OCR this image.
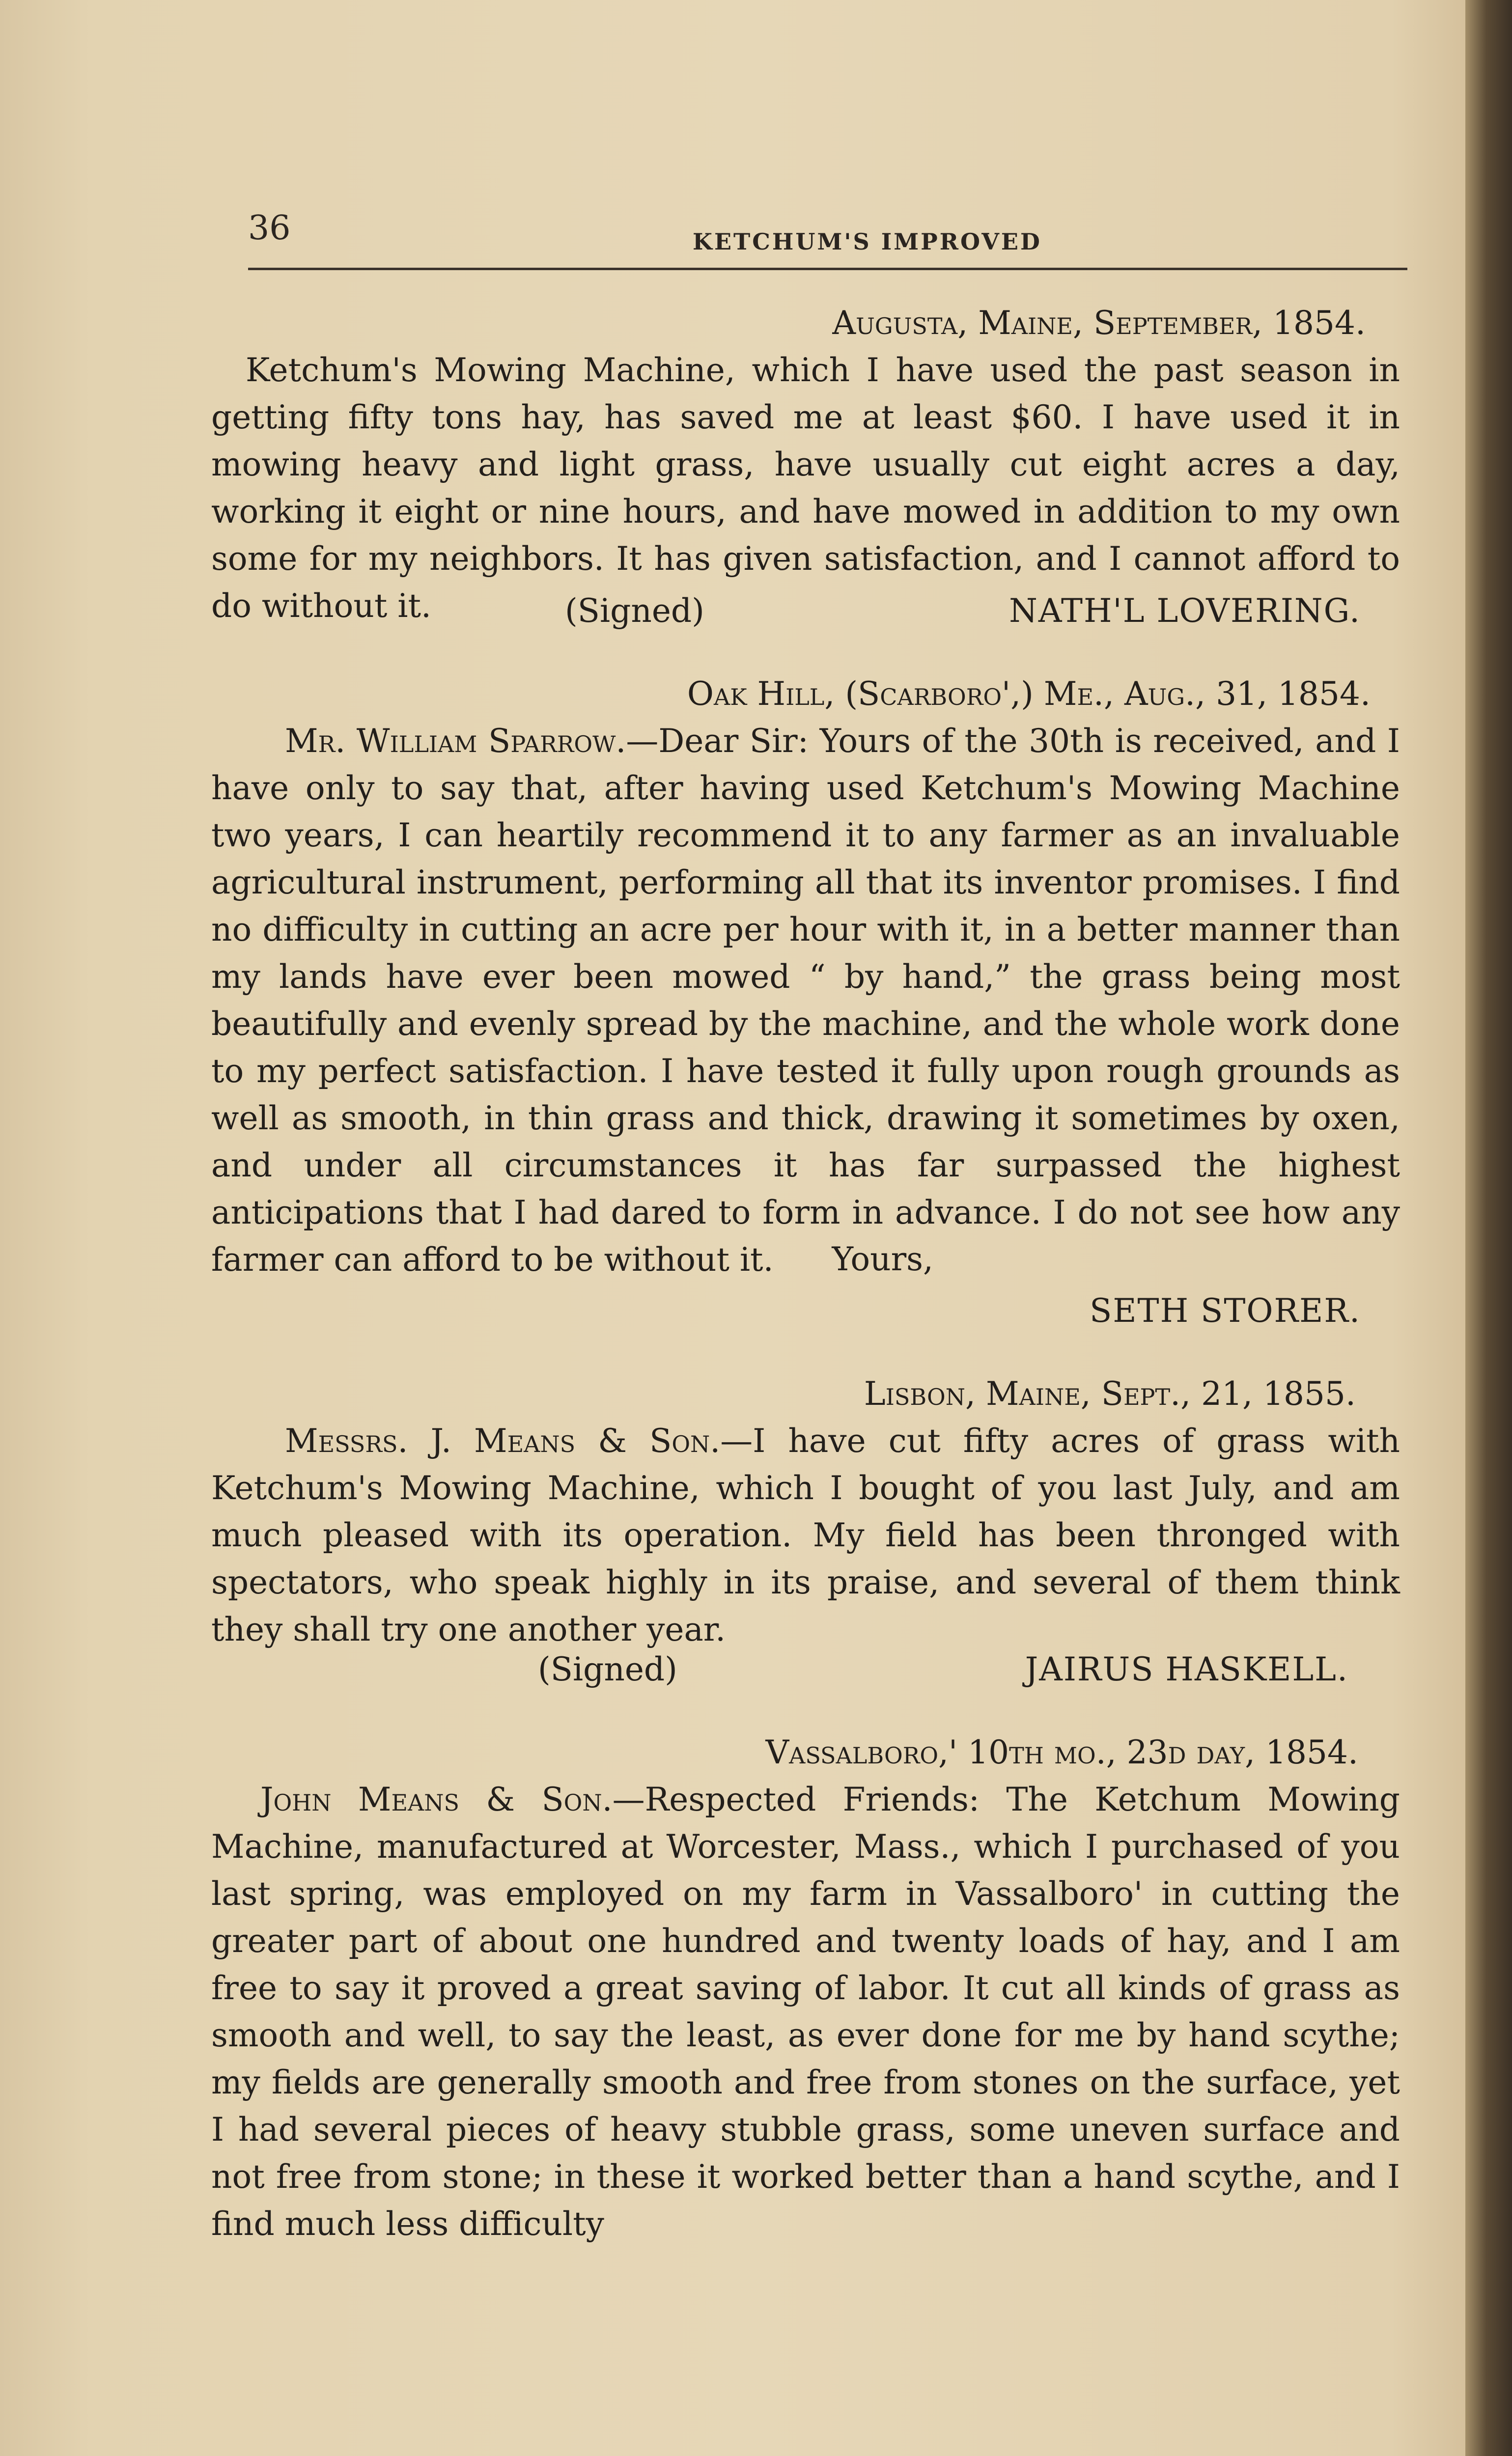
36	KETCHUM'S IMPROVED
Augusta, Maine, September, 1854.
Ketchum's Mowing Machine, which I have used the past season in getting fifty tons hay, has saved me at least $60. I have used it in mowing heavy and light grass, have usually cut eight acres a day, working it eight or nine hours, and have mowed in addition to my own some for my neighbors. It has given satisfaction, and I cannot afford to do without it.	(Signed)	NATH'L LOVERING.
Oak Hill, (Scarboro',) Me., Aug., 31, 1854.
Mr. William Sparrow.—Dear Sir: Yours of the 30th is received, and I have only to say that, after having used Ketchum's Mowing Machine two years, I can heartily recommend it to any farmer as an invaluable agricultural instrument, performing all that its inventor promises. I find no difficulty in cutting an acre per hour with it, in a better manner than my lands have ever been mowed “ by hand,” the grass being most beautifully and evenly spread by the machine, and the whole work done to my perfect satisfaction. I have tested it fully upon rough grounds as well as smooth, in thin grass and thick, drawing it sometimes by oxen, and under all circumstances it has far surpassed the highest anticipations that I had dared to form in advance. I do not see how any farmer can afford to be without it.	Yours,
SETH STORER.
Lisbon, Maine, Sept., 21, 1855.
Messrs. J. Means & Son.—I have cut fifty acres of grass with Ketchum's Mowing Machine, which I bought of you last July, and am much pleased with its operation. My field has been thronged with spectators, who speak highly in its praise, and several of them think they shall try one another year.
(Signed)	JAIRUS HASKELL.
Vassalboro,' 10th mo., 23d day, 1854.
John Means & Son.—Respected Friends: The Ketchum Mowing Machine, manufactured at Worcester, Mass., which I purchased of you last spring, was employed on my farm in Vassalboro' in cutting the greater part of about one hundred and twenty loads of hay, and I am free to say it proved a great saving of labor. It cut all kinds of grass as smooth and well, to say the least, as ever done for me by hand scythe; my fields are generally smooth and free from stones on the surface, yet I had several pieces of heavy stubble grass, some uneven surface and not free from stone; in these it worked better than a hand scythe, and I find much less difficulty
